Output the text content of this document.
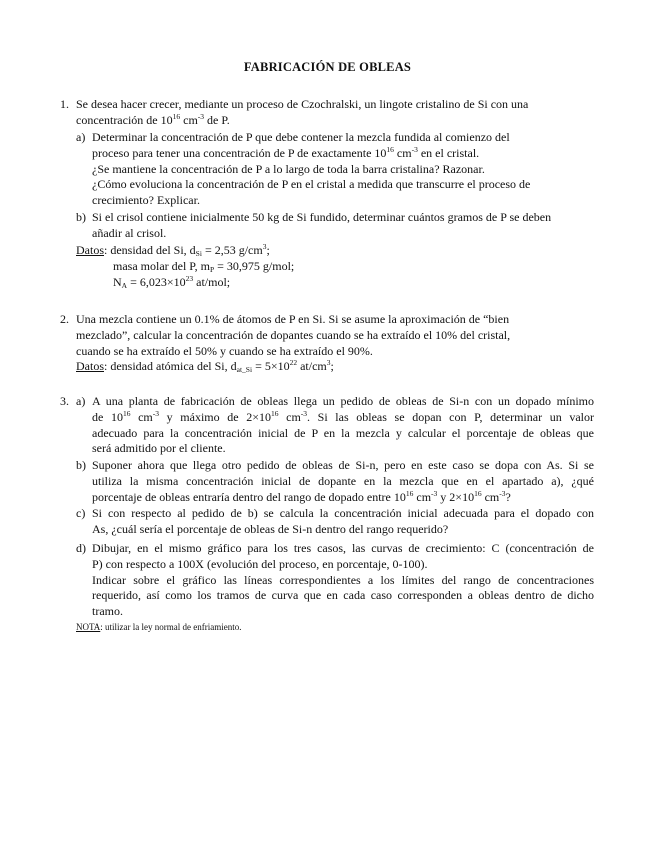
FABRICACIÓN DE OBLEAS
1. Se desea hacer crecer, mediante un proceso de Czochralski, un lingote cristalino de Si con una
concentración de $10^{16}$ $cm^{-3}$ de P.
a) Determinar la concentración de P que debe contener la mezcla fundida al comienzo del
proceso para tener una concentración de P de exactamente $10^{16}$ $cm^{-3}$ en el cristal.
¿Se mantiene la concentración de P a lo largo de toda la barra cristalina? Razonar.
¿Cómo evoluciona la concentración de P en el cristal a medida que transcurre el proceso de
crecimiento? Explicar.
b) Si el crisol contiene inicialmente 50 kg de Si fundido, determinar cuántos gramos de P se deben
añadir al crisol.
Datos: densidad del Si, $d_{Si} = 2,53$ $g/cm^3$;
masa molar del P, $m_P = 30,975$ g/mol;
$N_A = 6,023\times 10^{23}$ at/mol;
2. Una mezcla contiene un 0.1% de átomos de P en Si. Si se asume la aproximación de “bien
mezclado”, calcular la concentración de dopantes cuando se ha extraído el 10% del cristal,
cuando se ha extraído el 50% y cuando se ha extraído el 90%.
Datos: densidad atómica del Si, $d_{at\_Si} = 5\times 10^{22}$ $at/cm^3$;
3. a) A una planta de fabricación de obleas llega un pedido de obleas de Si-n con un dopado mínimo
de $10^{16}$ $cm^{-3}$ y máximo de $2\times 10^{16}$ $cm^{-3}$. Si las obleas se dopan con P, determinar un valor
adecuado para la concentración inicial de P en la mezcla y calcular el porcentaje de obleas que
será admitido por el cliente.
b) Suponer ahora que llega otro pedido de obleas de Si-n, pero en este caso se dopa con As. Si se
utiliza la misma concentración inicial de dopante en la mezcla que en el apartado a), ¿qué
porcentaje de obleas entraría dentro del rango de dopado entre $10^{16}$ $cm^{-3}$ y $2\times 10^{16}$ $cm^{-3}$?
c) Si con respecto al pedido de b) se calcula la concentración inicial adecuada para el dopado con
As, ¿cuál sería el porcentaje de obleas de Si-n dentro del rango requerido?
d) Dibujar, en el mismo gráfico para los tres casos, las curvas de crecimiento: C (concentración de
P) con respecto a 100X (evolución del proceso, en porcentaje, 0-100).
Indicar sobre el gráfico las líneas correspondientes a los límites del rango de concentraciones
requerido, así como los tramos de curva que en cada caso corresponden a obleas dentro de dicho
tramo.
NOTA: utilizar la ley normal de enfriamiento.
